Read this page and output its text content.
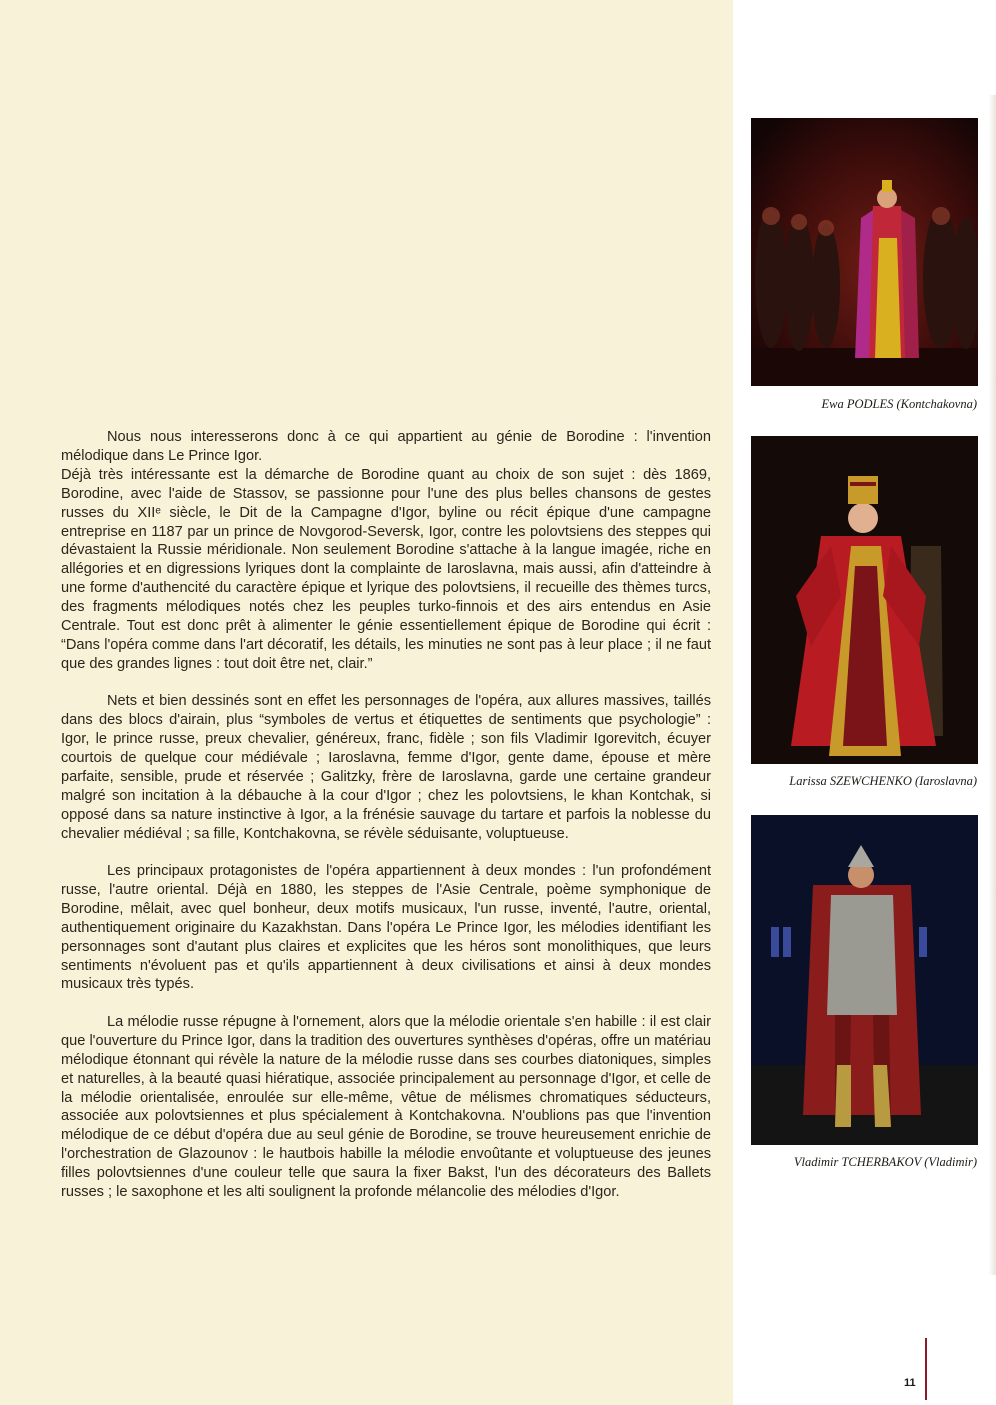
Nous nous interesserons donc à ce qui appartient au génie de Borodine : l'invention mélodique dans Le Prince Igor.

Déjà très intéressante est la démarche de Borodine quant au choix de son sujet : dès 1869, Borodine, avec l'aide de Stassov, se passionne pour l'une des plus belles chansons de gestes russes du XIIᵉ siècle, le Dit de la Campagne d'Igor, byline ou récit épique d'une campagne entreprise en 1187 par un prince de Novgorod-Seversk, Igor, contre les polovtsiens des steppes qui dévastaient la Russie méridionale. Non seulement Borodine s'attache à la langue imagée, riche en allégories et en digressions lyriques dont la complainte de Iaroslavna, mais aussi, afin d'atteindre à une forme d'authencité du caractère épique et lyrique des polovtsiens, il recueille des thèmes turcs, des fragments mélodiques notés chez les peuples turko-finnois et des airs entendus en Asie Centrale. Tout est donc prêt à alimenter le génie essentiellement épique de Borodine qui écrit : “Dans l'opéra comme dans l'art décoratif, les détails, les minuties ne sont pas à leur place ; il ne faut que des grandes lignes : tout doit être net, clair.”

Nets et bien dessinés sont en effet les personnages de l'opéra, aux allures massives, taillés dans des blocs d'airain, plus “symboles de vertus et étiquettes de sentiments que psychologie” : Igor, le prince russe, preux chevalier, généreux, franc, fidèle ; son fils Vladimir Igorevitch, écuyer courtois de quelque cour médiévale ; Iaroslavna, femme d'Igor, gente dame, épouse et mère parfaite, sensible, prude et réservée ; Galitzky, frère de Iaroslavna, garde une certaine grandeur malgré son incitation à la débauche à la cour d'Igor ; chez les polovtsiens, le khan Kontchak, si opposé dans sa nature instinctive à Igor, a la frénésie sauvage du tartare et parfois la noblesse du chevalier médiéval ; sa fille, Kontchakovna, se révèle séduisante, voluptueuse.

Les principaux protagonistes de l'opéra appartiennent à deux mondes : l'un profondément russe, l'autre oriental. Déjà en 1880, les steppes de l'Asie Centrale, poème symphonique de Borodine, mêlait, avec quel bonheur, deux motifs musicaux, l'un russe, inventé, l'autre, oriental, authentiquement originaire du Kazakhstan. Dans l'opéra Le Prince Igor, les mélodies identifiant les personnages sont d'autant plus claires et explicites que les héros sont monolithiques, que leurs sentiments n'évoluent pas et qu'ils appartiennent à deux civilisations et ainsi à deux mondes musicaux très typés.

La mélodie russe répugne à l'ornement, alors que la mélodie orientale s'en habille : il est clair que l'ouverture du Prince Igor, dans la tradition des ouvertures synthèses d'opéras, offre un matériau mélodique étonnant qui révèle la nature de la mélodie russe dans ses courbes diatoniques, simples et naturelles, à la beauté quasi hiératique, associée principalement au personnage d'Igor, et celle de la mélodie orientalisée, enroulée sur elle-même, vêtue de mélismes chromatiques séducteurs, associée aux polovtsiennes et plus spécialement à Kontchakovna. N'oublions pas que l'invention mélodique de ce début d'opéra due au seul génie de Borodine, se trouve heureusement enrichie de l'orchestration de Glazounov : le hautbois habille la mélodie envoûtante et voluptueuse des jeunes filles polovtsiennes d'une couleur telle que saura la fixer Bakst, l'un des décorateurs des Ballets russes ; le saxophone et les alti soulignent la profonde mélancolie des mélodies d'Igor.

Ewa PODLES (Kontchakovna)
Larissa SZEWCHENKO (Iaroslavna)
Vladimir TCHERBAKOV (Vladimir)
11
